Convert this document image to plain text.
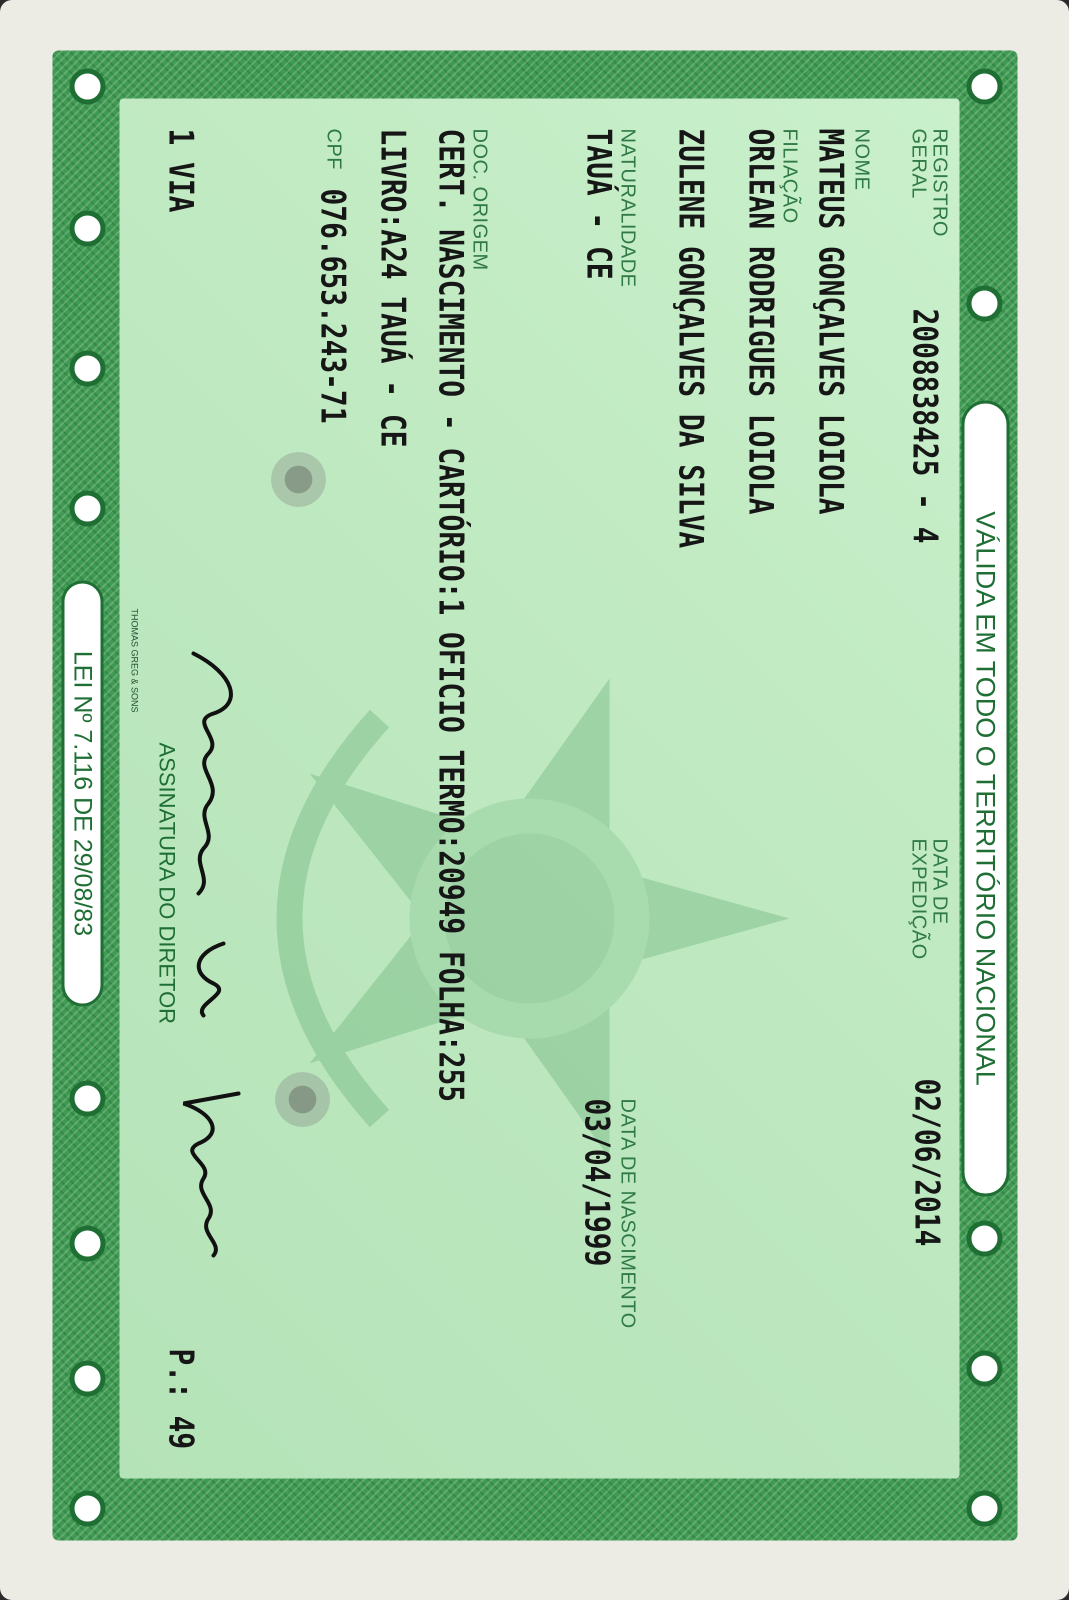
VÁLIDA EM TODO O TERRITÓRIO NACIONAL
LEI Nº 7.116 DE 29/08/83
REGISTRO
GERAL
2008838425 - 4
DATA DE
EXPEDIÇÃO
02/06/2014
NOME
MATEUS GONÇALVES LOIOLA
FILIAÇÃO
ORLEAN RODRIGUES LOIOLA
ZULENE GONÇALVES DA SILVA
NATURALIDADE
TAUÁ - CE
DATA DE NASCIMENTO
03/04/1999
DOC. ORIGEM
CERT. NASCIMENTO - CARTÓRIO:1 OFICIO TERMO:20949 FOLHA:255
LIVRO:A24 TAUÁ - CE
CPF
076.653.243-71
ASSINATURA DO DIRETOR
THOMAS GREG & SONS
1 VIA
P.: 49
